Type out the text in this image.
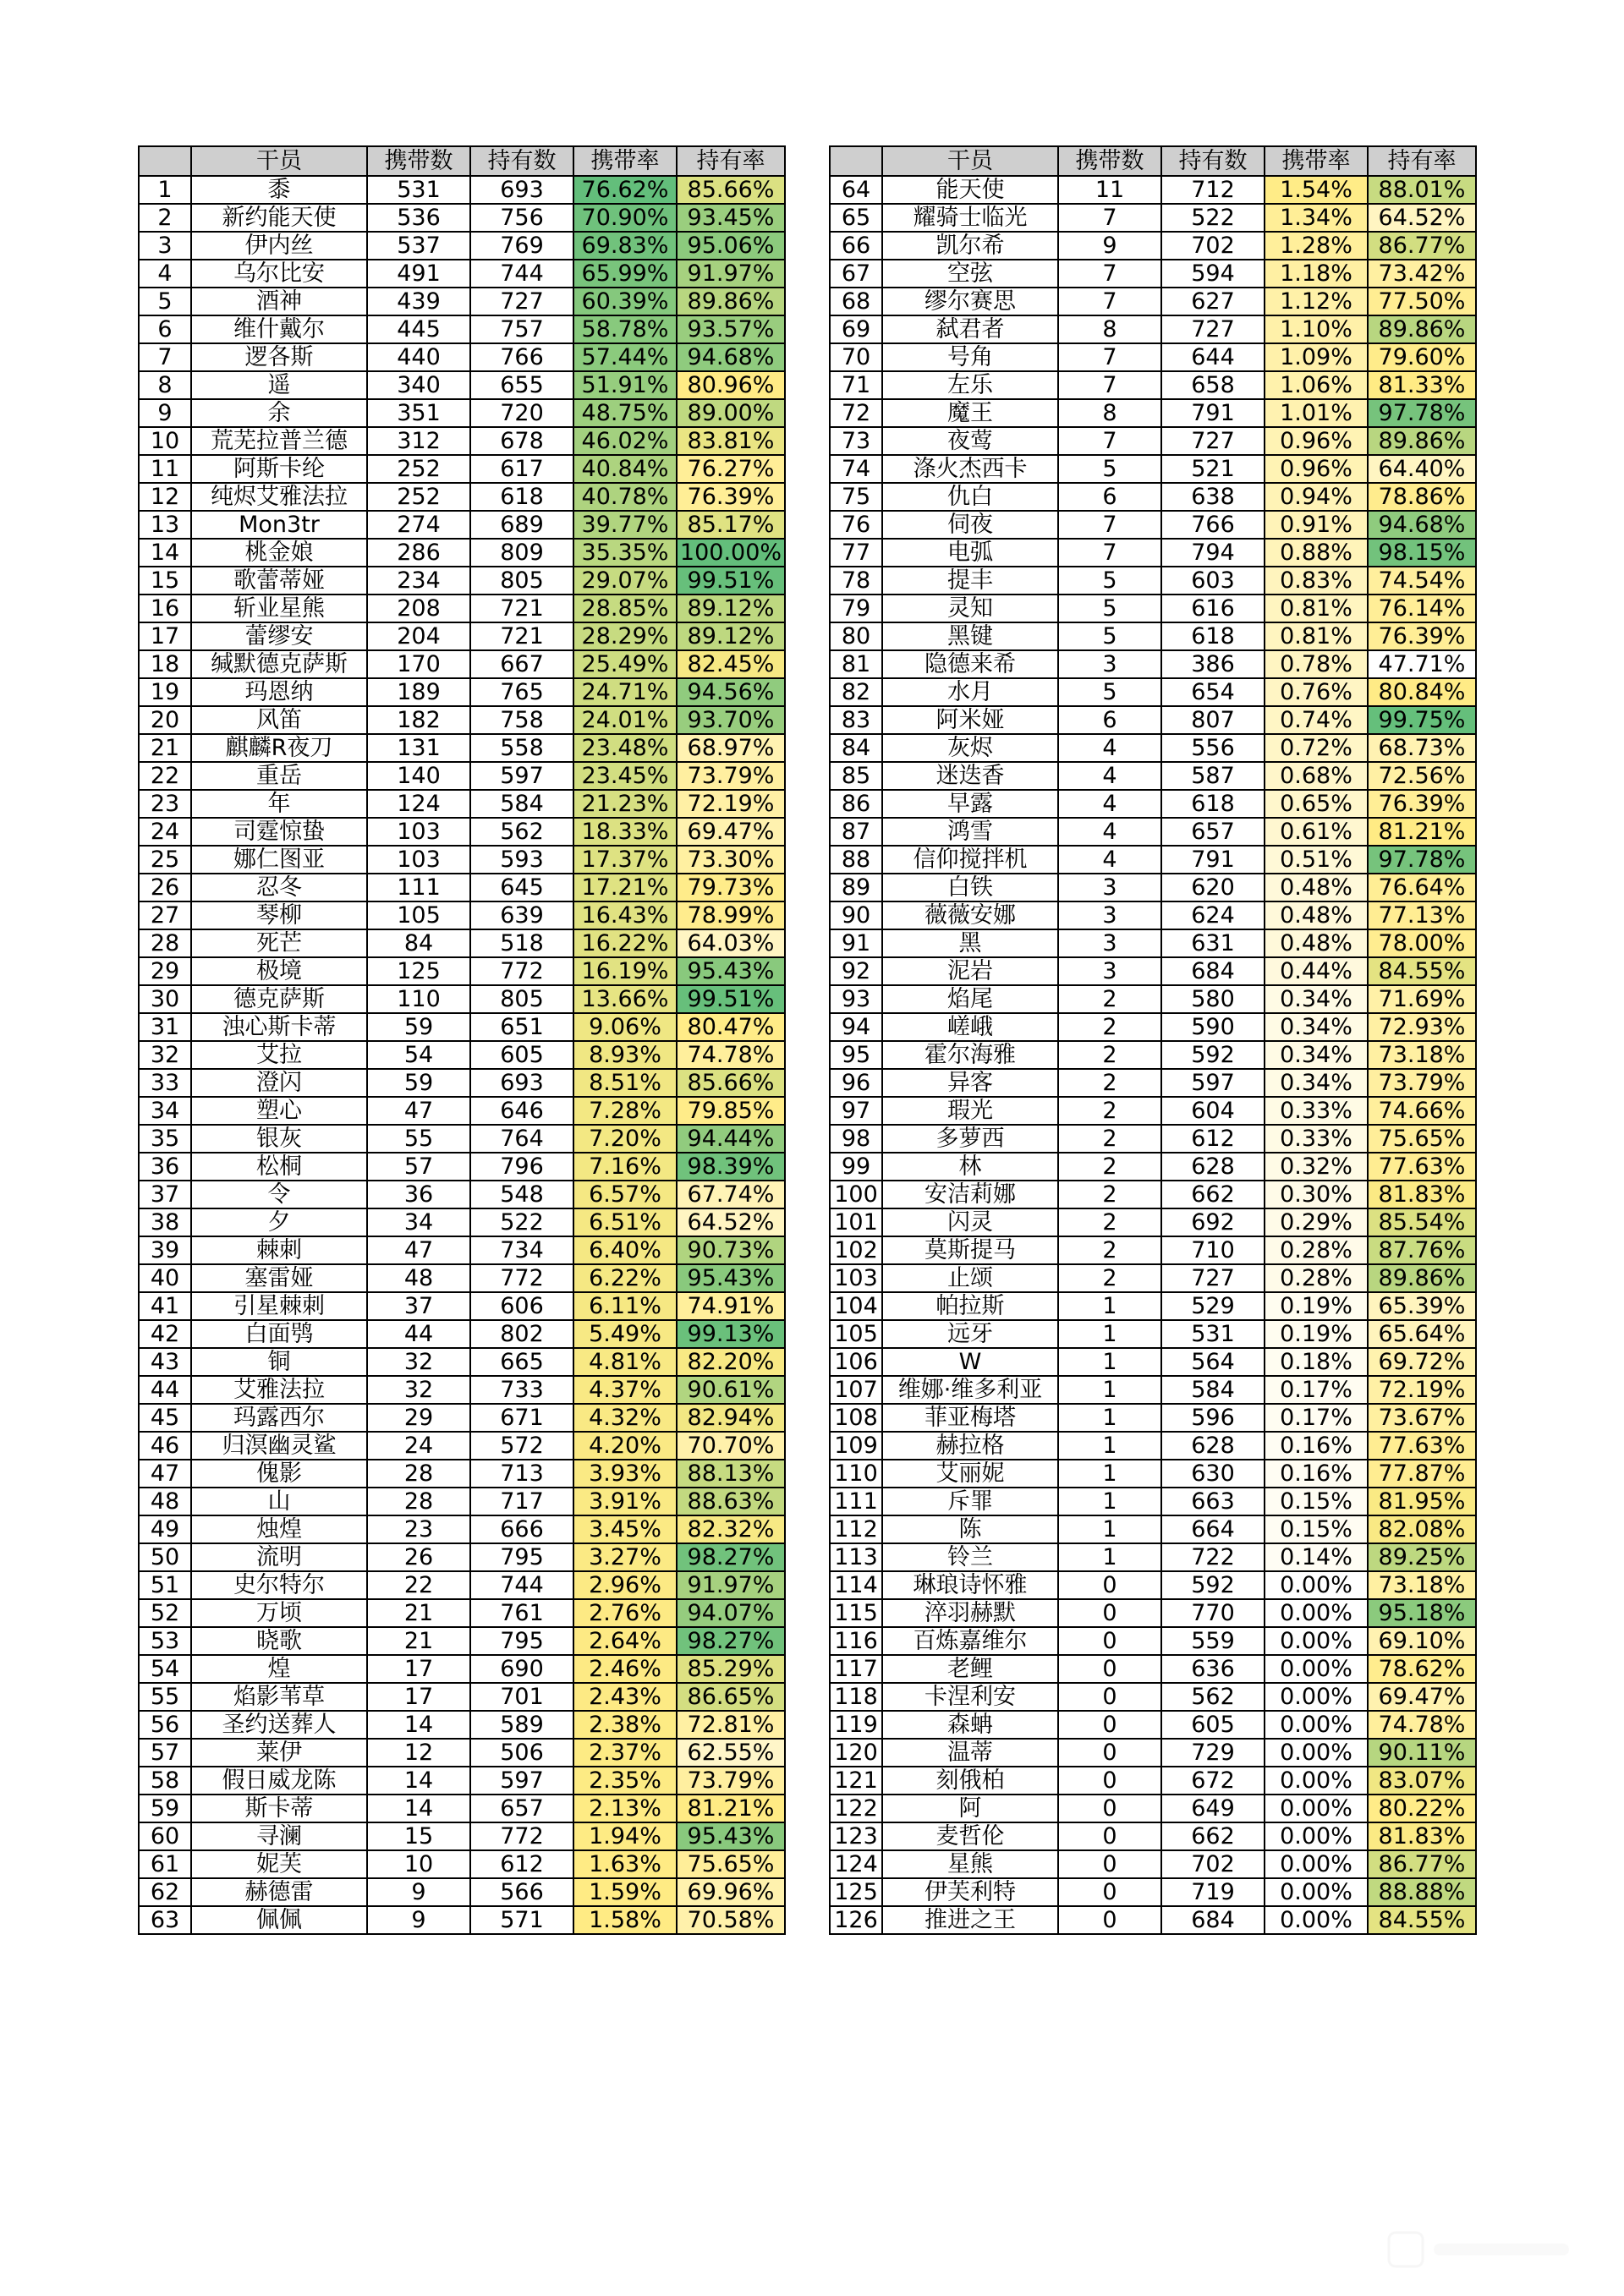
	干员	携带数	持有数	携带率	持有率
1	黍	531	693	76.62%	85.66%
2	新约能天使	536	756	70.90%	93.45%
3	伊内丝	537	769	69.83%	95.06%
4	乌尔比安	491	744	65.99%	91.97%
5	酒神	439	727	60.39%	89.86%
6	维什戴尔	445	757	58.78%	93.57%
7	逻各斯	440	766	57.44%	94.68%
8	遥	340	655	51.91%	80.96%
9	余	351	720	48.75%	89.00%
10	荒芜拉普兰德	312	678	46.02%	83.81%
11	阿斯卡纶	252	617	40.84%	76.27%
12	纯烬艾雅法拉	252	618	40.78%	76.39%
13	Mon3tr	274	689	39.77%	85.17%
14	桃金娘	286	809	35.35%	100.00%
15	歌蕾蒂娅	234	805	29.07%	99.51%
16	斩业星熊	208	721	28.85%	89.12%
17	蕾缪安	204	721	28.29%	89.12%
18	缄默德克萨斯	170	667	25.49%	82.45%
19	玛恩纳	189	765	24.71%	94.56%
20	风笛	182	758	24.01%	93.70%
21	麒麟R夜刀	131	558	23.48%	68.97%
22	重岳	140	597	23.45%	73.79%
23	年	124	584	21.23%	72.19%
24	司霆惊蛰	103	562	18.33%	69.47%
25	娜仁图亚	103	593	17.37%	73.30%
26	忍冬	111	645	17.21%	79.73%
27	琴柳	105	639	16.43%	78.99%
28	死芒	84	518	16.22%	64.03%
29	极境	125	772	16.19%	95.43%
30	德克萨斯	110	805	13.66%	99.51%
31	浊心斯卡蒂	59	651	9.06%	80.47%
32	艾拉	54	605	8.93%	74.78%
33	澄闪	59	693	8.51%	85.66%
34	塑心	47	646	7.28%	79.85%
35	银灰	55	764	7.20%	94.44%
36	松桐	57	796	7.16%	98.39%
37	令	36	548	6.57%	67.74%
38	夕	34	522	6.51%	64.52%
39	棘刺	47	734	6.40%	90.73%
40	塞雷娅	48	772	6.22%	95.43%
41	引星棘刺	37	606	6.11%	74.91%
42	白面鸮	44	802	5.49%	99.13%
43	铜	32	665	4.81%	82.20%
44	艾雅法拉	32	733	4.37%	90.61%
45	玛露西尔	29	671	4.32%	82.94%
46	归溟幽灵鲨	24	572	4.20%	70.70%
47	傀影	28	713	3.93%	88.13%
48	山	28	717	3.91%	88.63%
49	烛煌	23	666	3.45%	82.32%
50	流明	26	795	3.27%	98.27%
51	史尔特尔	22	744	2.96%	91.97%
52	万顷	21	761	2.76%	94.07%
53	晓歌	21	795	2.64%	98.27%
54	煌	17	690	2.46%	85.29%
55	焰影苇草	17	701	2.43%	86.65%
56	圣约送葬人	14	589	2.38%	72.81%
57	莱伊	12	506	2.37%	62.55%
58	假日威龙陈	14	597	2.35%	73.79%
59	斯卡蒂	14	657	2.13%	81.21%
60	寻澜	15	772	1.94%	95.43%
61	妮芙	10	612	1.63%	75.65%
62	赫德雷	9	566	1.59%	69.96%
63	佩佩	9	571	1.58%	70.58%
	干员	携带数	持有数	携带率	持有率
64	能天使	11	712	1.54%	88.01%
65	耀骑士临光	7	522	1.34%	64.52%
66	凯尔希	9	702	1.28%	86.77%
67	空弦	7	594	1.18%	73.42%
68	缪尔赛思	7	627	1.12%	77.50%
69	弑君者	8	727	1.10%	89.86%
70	号角	7	644	1.09%	79.60%
71	左乐	7	658	1.06%	81.33%
72	魔王	8	791	1.01%	97.78%
73	夜莺	7	727	0.96%	89.86%
74	涤火杰西卡	5	521	0.96%	64.40%
75	仇白	6	638	0.94%	78.86%
76	伺夜	7	766	0.91%	94.68%
77	电弧	7	794	0.88%	98.15%
78	提丰	5	603	0.83%	74.54%
79	灵知	5	616	0.81%	76.14%
80	黑键	5	618	0.81%	76.39%
81	隐德来希	3	386	0.78%	47.71%
82	水月	5	654	0.76%	80.84%
83	阿米娅	6	807	0.74%	99.75%
84	灰烬	4	556	0.72%	68.73%
85	迷迭香	4	587	0.68%	72.56%
86	早露	4	618	0.65%	76.39%
87	鸿雪	4	657	0.61%	81.21%
88	信仰搅拌机	4	791	0.51%	97.78%
89	白铁	3	620	0.48%	76.64%
90	薇薇安娜	3	624	0.48%	77.13%
91	黑	3	631	0.48%	78.00%
92	泥岩	3	684	0.44%	84.55%
93	焰尾	2	580	0.34%	71.69%
94	嵯峨	2	590	0.34%	72.93%
95	霍尔海雅	2	592	0.34%	73.18%
96	异客	2	597	0.34%	73.79%
97	瑕光	2	604	0.33%	74.66%
98	多萝西	2	612	0.33%	75.65%
99	林	2	628	0.32%	77.63%
100	安洁莉娜	2	662	0.30%	81.83%
101	闪灵	2	692	0.29%	85.54%
102	莫斯提马	2	710	0.28%	87.76%
103	止颂	2	727	0.28%	89.86%
104	帕拉斯	1	529	0.19%	65.39%
105	远牙	1	531	0.19%	65.64%
106	W	1	564	0.18%	69.72%
107	维娜·维多利亚	1	584	0.17%	72.19%
108	菲亚梅塔	1	596	0.17%	73.67%
109	赫拉格	1	628	0.16%	77.63%
110	艾丽妮	1	630	0.16%	77.87%
111	斥罪	1	663	0.15%	81.95%
112	陈	1	664	0.15%	82.08%
113	铃兰	1	722	0.14%	89.25%
114	琳琅诗怀雅	0	592	0.00%	73.18%
115	淬羽赫默	0	770	0.00%	95.18%
116	百炼嘉维尔	0	559	0.00%	69.10%
117	老鲤	0	636	0.00%	78.62%
118	卡涅利安	0	562	0.00%	69.47%
119	森蚺	0	605	0.00%	74.78%
120	温蒂	0	729	0.00%	90.11%
121	刻俄柏	0	672	0.00%	83.07%
122	阿	0	649	0.00%	80.22%
123	麦哲伦	0	662	0.00%	81.83%
124	星熊	0	702	0.00%	86.77%
125	伊芙利特	0	719	0.00%	88.88%
126	推进之王	0	684	0.00%	84.55%
